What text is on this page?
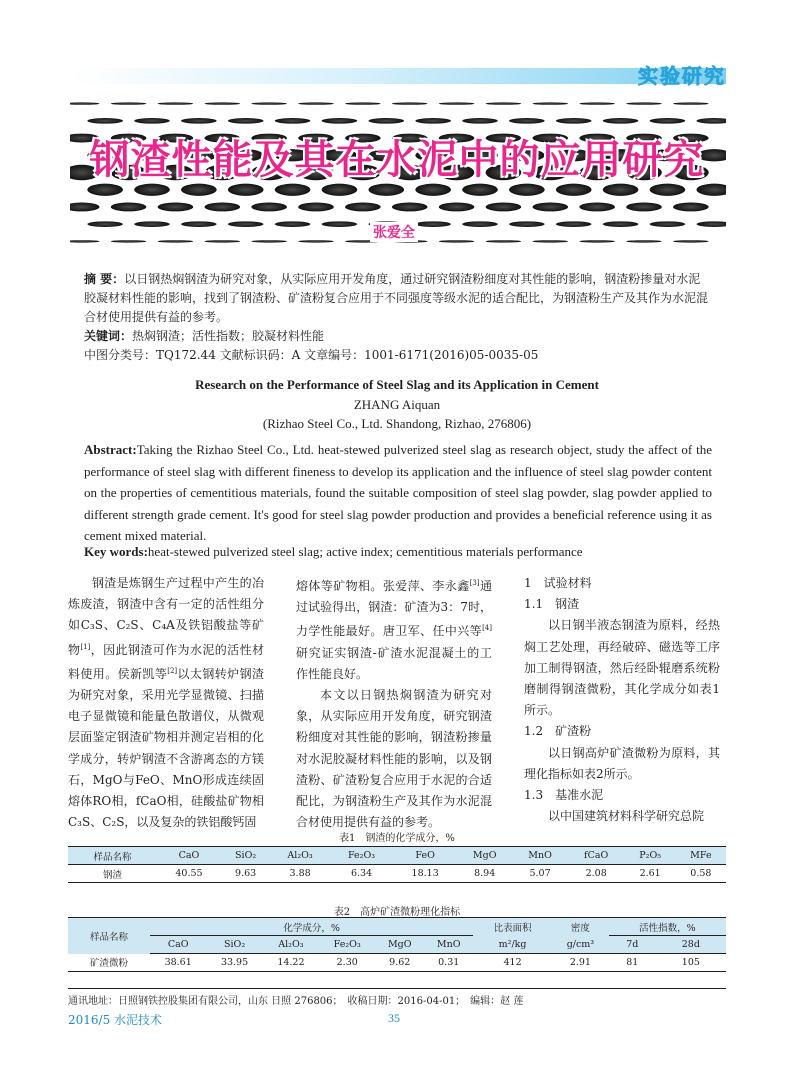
实验研究
钢渣性能及其在水泥中的应用研究
张爱全
摘 要：以日钢热焖钢渣为研究对象，从实际应用开发角度，通过研究钢渣粉细度对其性能的影响，钢渣粉掺量对水泥胶凝材料性能的影响，找到了钢渣粉、矿渣粉复合应用于不同强度等级水泥的适合配比，为钢渣粉生产及其作为水泥混合材使用提供有益的参考。
关键词：热焖钢渣；活性指数；胶凝材料性能
中图分类号：TQ172.44 文献标识码：A 文章编号：1001-6171(2016)05-0035-05
Research on the Performance of Steel Slag and its Application in Cement
ZHANG Aiquan
(Rizhao Steel Co., Ltd. Shandong, Rizhao, 276806)
Abstract:Taking the Rizhao Steel Co., Ltd. heat-stewed pulverized steel slag as research object, study the affect of the performance of steel slag with different fineness to develop its application and the influence of steel slag powder content on the properties of cementitious materials, found the suitable composition of steel slag powder, slag powder applied to different strength grade cement. It's good for steel slag powder production and provides a beneficial reference using it as cement mixed material.
Key words:heat-stewed pulverized steel slag; active index; cementitious materials performance

钢渣是炼钢生产过程中产生的冶炼废渣，钢渣中含有一定的活性组分如C₃S、C₂S、C₄A及铁铝酸盐等矿物[1]，因此钢渣可作为水泥的活性材料使用。侯新凯等[2]以太钢转炉钢渣为研究对象，采用光学显微镜、扫描电子显微镜和能量色散谱仪，从微观层面鉴定钢渣矿物相并测定岩相的化学成分，转炉钢渣不含游离态的方镁石，MgO与FeO、MnO形成连续固熔体RO相，fCaO相，硅酸盐矿物相C₃S、C₂S，以及复杂的铁铝酸钙固

熔体等矿物相。张爱萍、李永鑫[3]通过试验得出，钢渣：矿渣为3：7时，力学性能最好。唐卫军、任中兴等[4]研究证实钢渣-矿渣水泥混凝土的工作性能良好。

本文以日钢热焖钢渣为研究对象，从实际应用开发角度，研究钢渣粉细度对其性能的影响，钢渣粉掺量对水泥胶凝材料性能的影响，以及钢渣粉、矿渣粉复合应用于水泥的合适配比，为钢渣粉生产及其作为水泥混合材使用提供有益的参考。

1　试验材料

1.1　钢渣

以日钢半液态钢渣为原料，经热焖工艺处理，再经破碎、磁选等工序加工制得钢渣，然后经卧辊磨系统粉磨制得钢渣微粉，其化学成分如表1所示。

1.2　矿渣粉

以日钢高炉矿渣微粉为原料，其理化指标如表2所示。

1.3　基准水泥

以中国建筑材料科学研究总院

表1　钢渣的化学成分，%
样品名称	CaO	SiO₂	Al₂O₃	Fe₂O₃	FeO	MgO	MnO	fCaO	P₂O₅	MFe
钢渣	40.55	9.63	3.88	6.34	18.13	8.94	5.07	2.08	2.61	0.58
表2　高炉矿渣微粉理化指标
样品名称	化学成分，%						比表面积	密度	活性指数，%	
	CaO	SiO₂	Al₂O₃	Fe₂O₃	MgO	MnO	m²/kg	g/cm³	7d	28d
矿渣微粉	38.61	33.95	14.22	2.30	9.62	0.31	412	2.91	81	105
通讯地址：日照钢铁控股集团有限公司，山东 日照 276806；　收稿日期：2016-04-01；　编辑：赵 莲
2016/5 水泥技术	35
